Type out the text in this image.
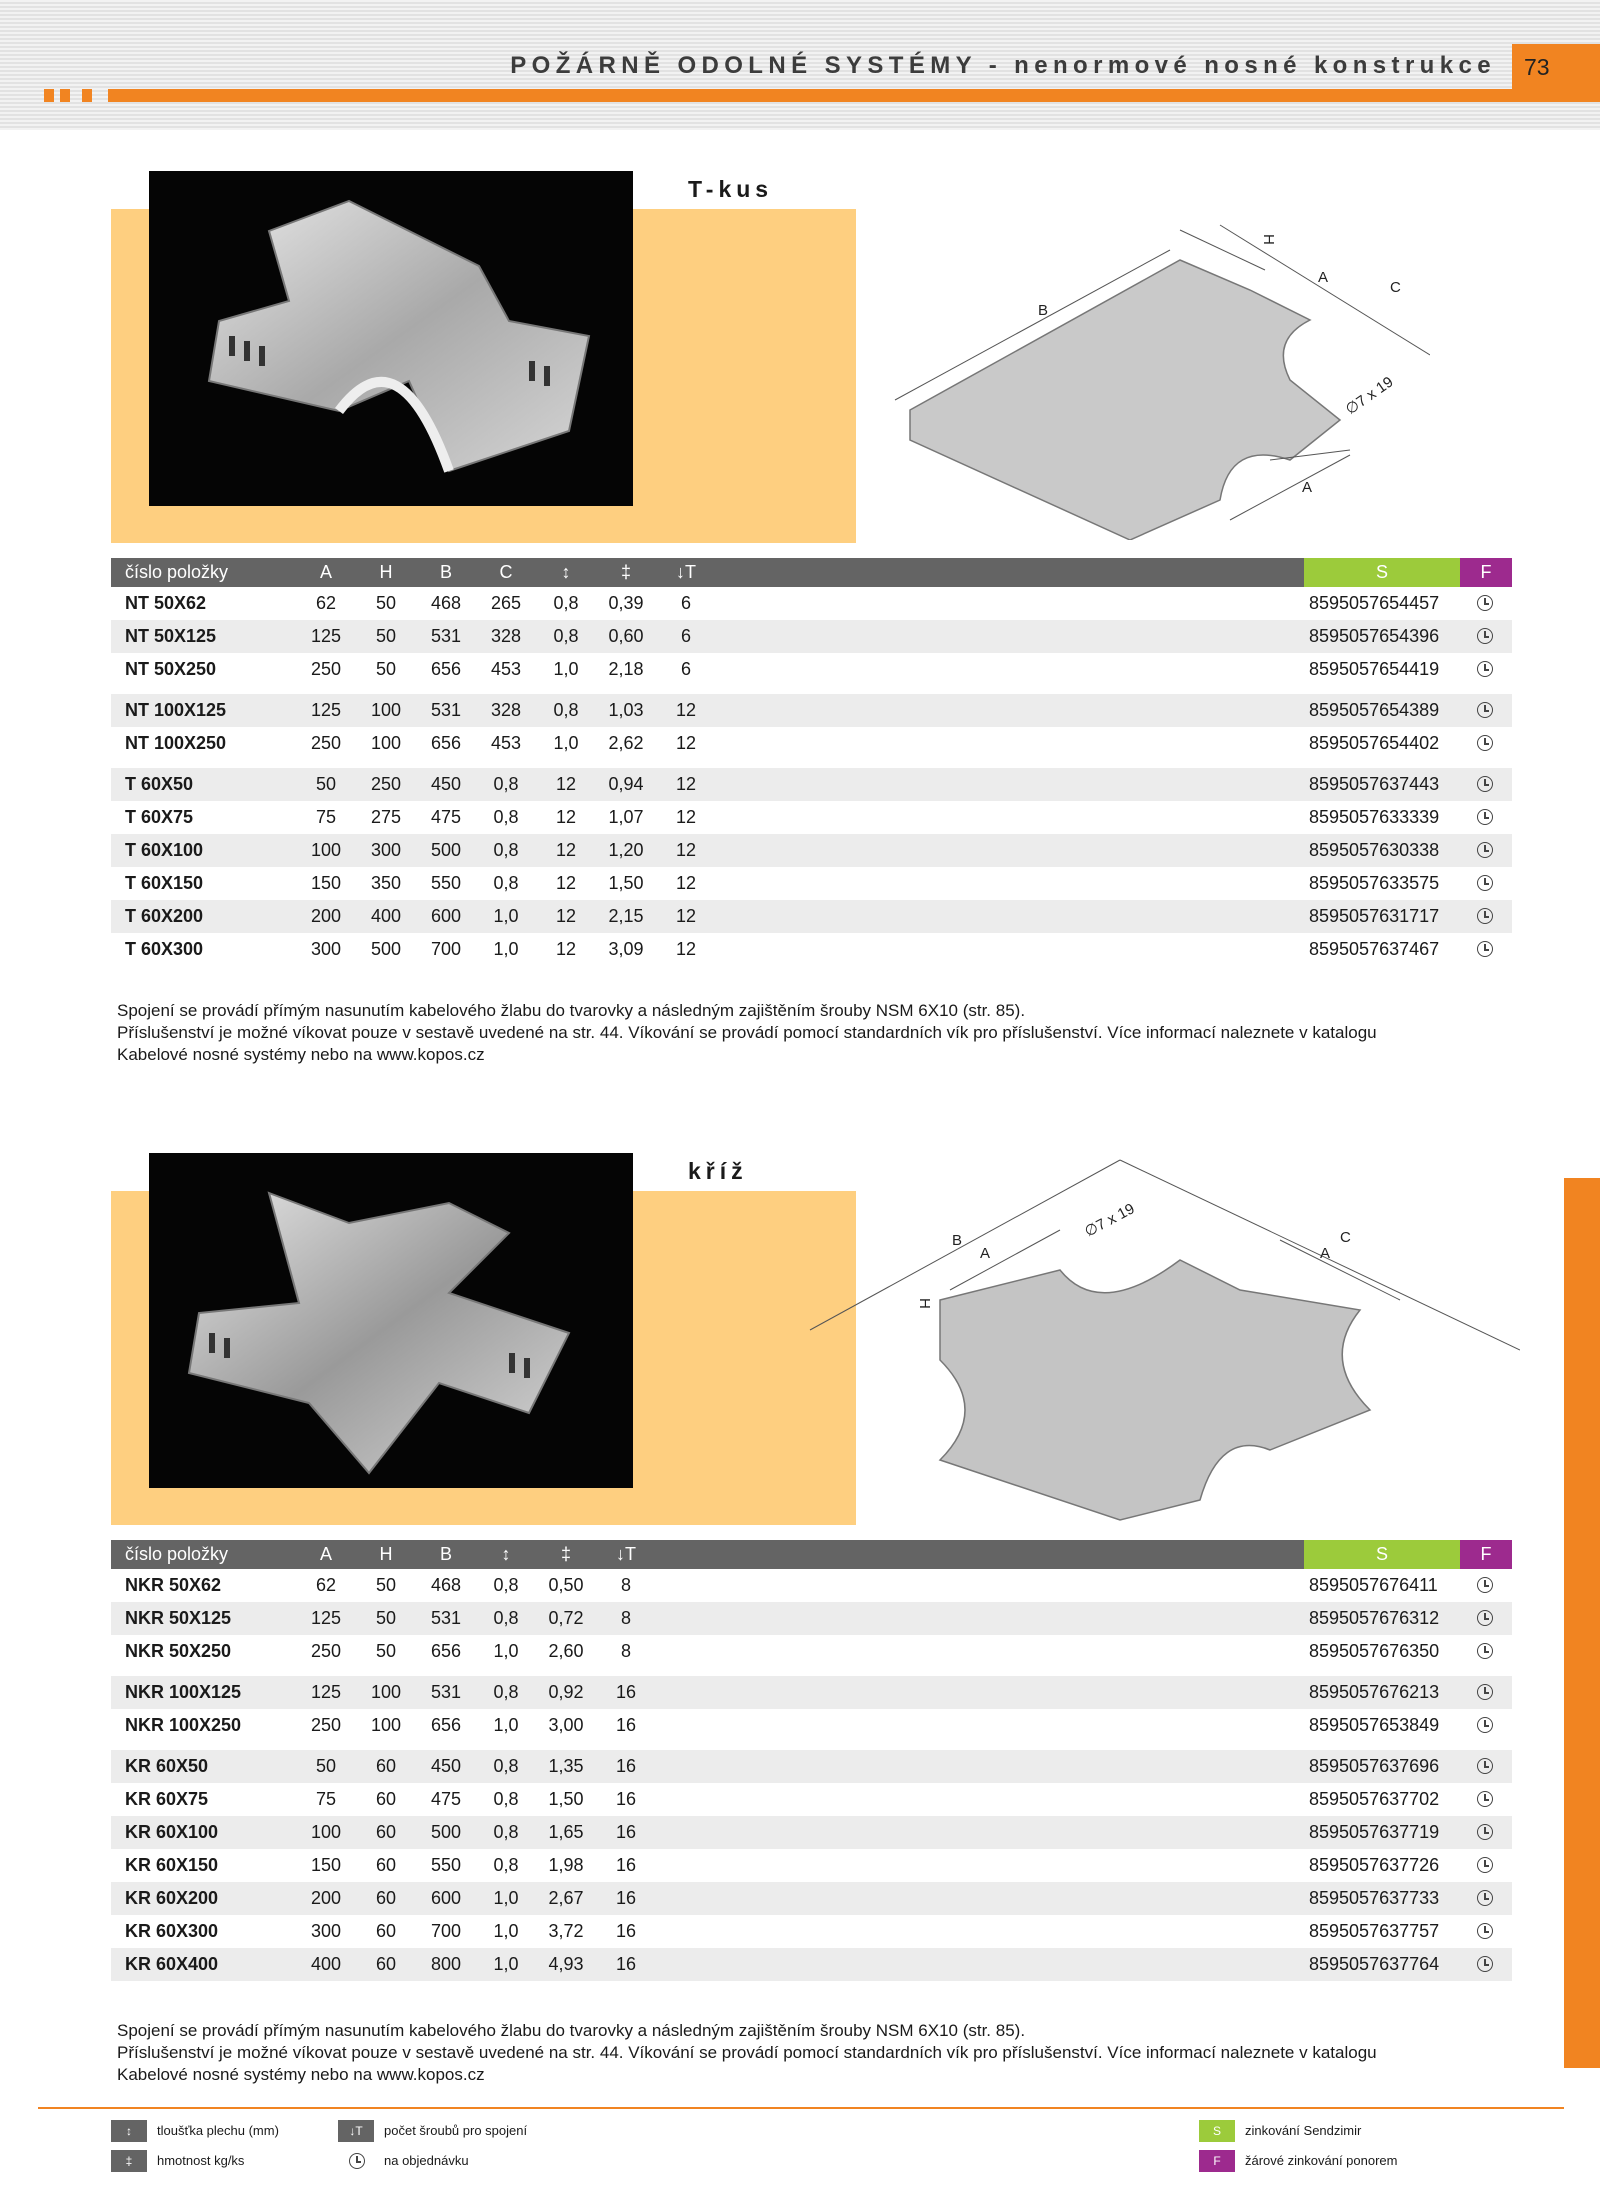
POŽÁRNĚ ODOLNÉ SYSTÉMY - nenormové nosné konstrukce 73
T-kus
H
A
C
B
∅7 x 19
A
číslo položky	A	H	B	C	↕	‡	↓T	S	F
NT 50X62	62	50	468	265	0,8	0,39	6	8595057654457
NT 50X125	125	50	531	328	0,8	0,60	6	8595057654396
NT 50X250	250	50	656	453	1,0	2,18	6	8595057654419
NT 100X125	125	100	531	328	0,8	1,03	12	8595057654389
NT 100X250	250	100	656	453	1,0	2,62	12	8595057654402
T 60X50	50	250	450	0,8	12	0,94	12	8595057637443
T 60X75	75	275	475	0,8	12	1,07	12	8595057633339
T 60X100	100	300	500	0,8	12	1,20	12	8595057630338
T 60X150	150	350	550	0,8	12	1,50	12	8595057633575
T 60X200	200	400	600	1,0	12	2,15	12	8595057631717
T 60X300	300	500	700	1,0	12	3,09	12	8595057637467
Spojení se provádí přímým nasunutím kabelového žlabu do tvarovky a následným zajištěním šrouby NSM 6X10 (str. 85).
Příslušenství je možné víkovat pouze v sestavě uvedené na str. 44. Víkování se provádí pomocí standardních vík pro příslušenství. Více informací naleznete v katalogu
Kabelové nosné systémy nebo na www.kopos.cz
kříž
B
A
∅7 x 19	C
A
H
číslo položky	A	H	B	↕	‡	↓T	S	F
NKR 50X62	62	50	468	0,8	0,50	8	8595057676411
NKR 50X125	125	50	531	0,8	0,72	8	8595057676312
NKR 50X250	250	50	656	1,0	2,60	8	8595057676350
NKR 100X125	125	100	531	0,8	0,92	16	8595057676213
NKR 100X250	250	100	656	1,0	3,00	16	8595057653849
KR 60X50	50	60	450	0,8	1,35	16	8595057637696
KR 60X75	75	60	475	0,8	1,50	16	8595057637702
KR 60X100	100	60	500	0,8	1,65	16	8595057637719
KR 60X150	150	60	550	0,8	1,98	16	8595057637726
KR 60X200	200	60	600	1,0	2,67	16	8595057637733
KR 60X300	300	60	700	1,0	3,72	16	8595057637757
KR 60X400	400	60	800	1,0	4,93	16	8595057637764
Spojení se provádí přímým nasunutím kabelového žlabu do tvarovky a následným zajištěním šrouby NSM 6X10 (str. 85).
Příslušenství je možné víkovat pouze v sestavě uvedené na str. 44. Víkování se provádí pomocí standardních vík pro příslušenství. Více informací naleznete v katalogu
Kabelové nosné systémy nebo na www.kopos.cz
↕	tloušťka plechu (mm)
‡	hmotnost kg/ks
↓T	počet šroubů pro spojení
na objednávku
S	zinkování Sendzimir
F	žárové zinkování ponorem
